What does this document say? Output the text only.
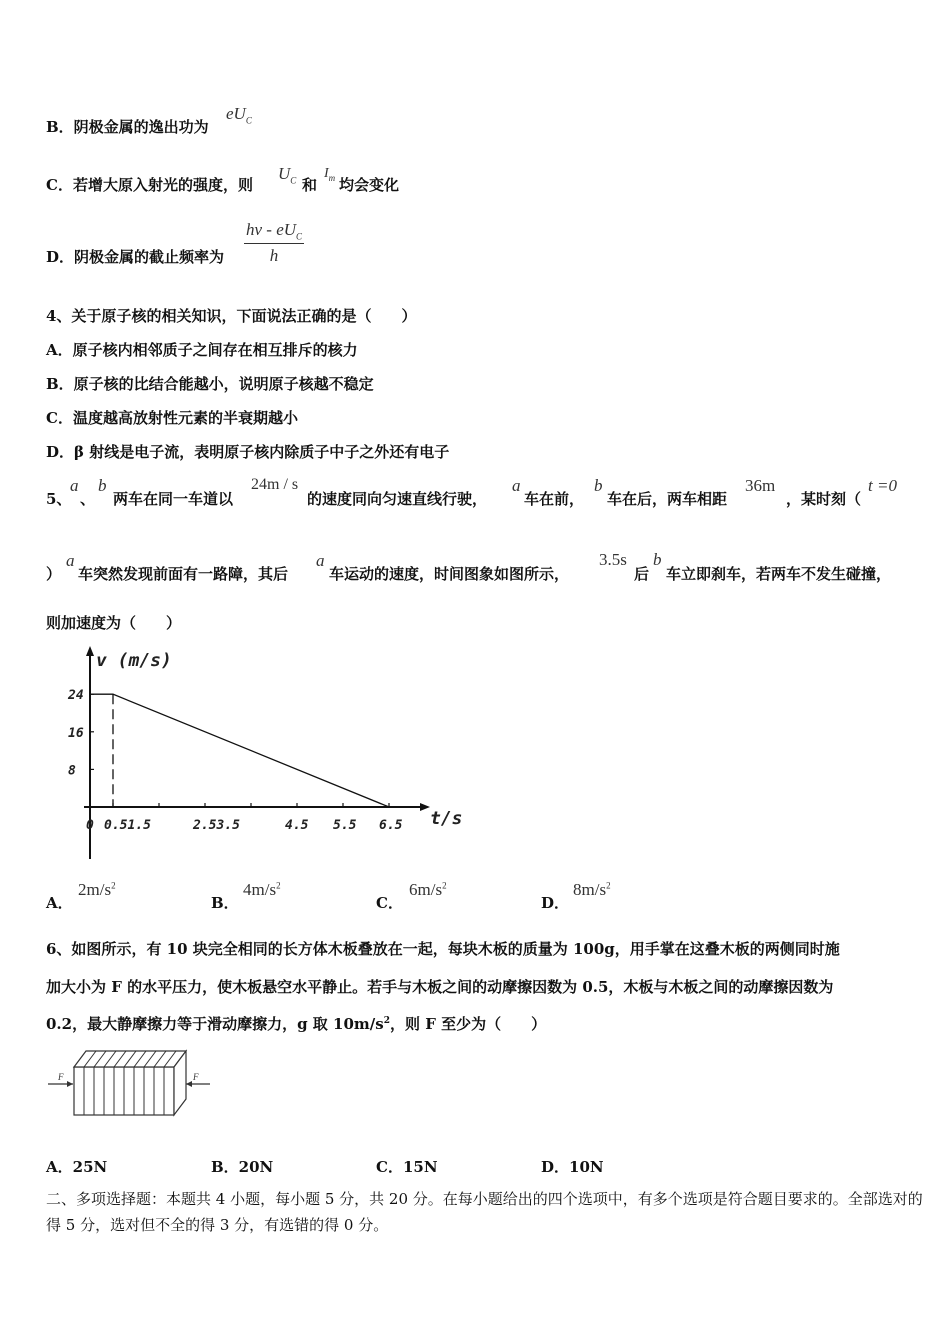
B．阴极金属的逸出功为
$eU_C$
C．若增大原入射光的强度，则
$U_C$ 和
$I_m$ 均会变化
D．阴极金属的截止频率为
hv - $eU_C$
h
4、关于原子核的相关知识，下面说法正确的是（　　）
A．原子核内相邻质子之间存在相互排斥的核力
B．原子核的比结合能越小，说明原子核越不稳定
C．温度越高放射性元素的半衰期越小
D．β 射线是电子流，表明原子核内除质子中子之外还有电子
5、
a
、
b
两车在同一车道以
24m / s
的速度同向匀速直线行驶，
a
车在前，
b
车在后，两车相距
36m
，某时刻（
t =0
）
a
车突然发现前面有一路障，其后
a
车运动的速度，时间图象如图所示，
3.5s
后
b
车立即刹车，若两车不发生碰撞，
则加速度为（　　）
v (m/s)
t/s
24
16
8
0 0.51.5	2.53.5	4.5 5.5 6.5
A．
$2m/s^2$
B．
$4m/s^2$
C．
$6m/s^2$
D．
$8m/s^2$
6、如图所示，有 10 块完全相同的长方体木板叠放在一起，每块木板的质量为 100g，用手掌在这叠木板的两侧同时施
加大小为 F 的水平压力，使木板悬空水平静止。若手与木板之间的动摩擦因数为 0.5，木板与木板之间的动摩擦因数为
0.2，最大静摩擦力等于滑动摩擦力，g 取 $10m/s^2$，则 F 至少为（　　）
F	F
A．25N	B．20N	C．15N	D．10N
二、多项选择题：本题共 4 小题，每小题 5 分，共 20 分。在每小题给出的四个选项中，有多个选项是符合题目要求的。全部选对的得 5 分，选对但不全的得 3 分，有选错的得 0 分。
